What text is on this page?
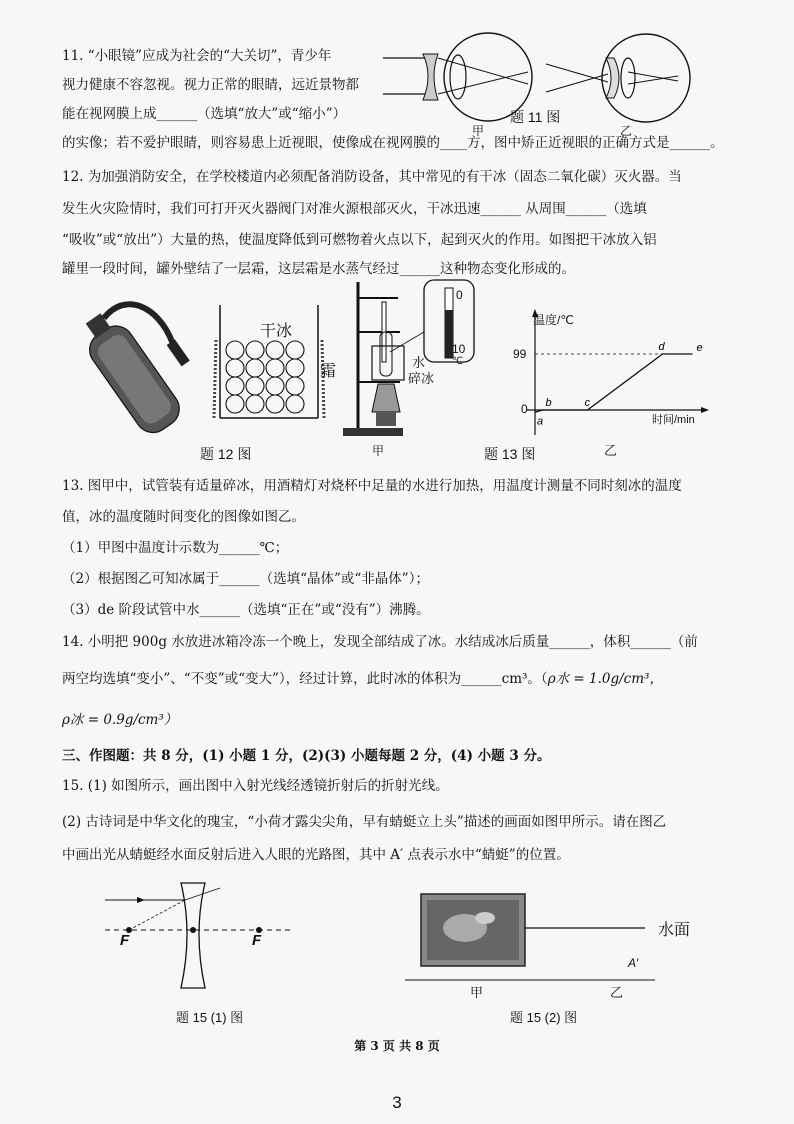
11. “小眼镜”应成为社会的“大关切”，青少年
视力健康不容忽视。视力正常的眼睛，远近景物都
能在视网膜上成______（选填“放大”或“缩小”）
的实像；若不爱护眼睛，则容易患上近视眼，使像成在视网膜的____方，图中矫正近视眼的正确方式是______。
题 11 图
甲	乙
12. 为加强消防安全，在学校楼道内必须配备消防设备，其中常见的有干冰（固态二氧化碳）灭火器。当
发生火灾险情时，我们可打开灭火器阀门对准火源根部灭火，干冰迅速______ 从周围______（选填
“吸收”或“放出”）大量的热，使温度降低到可燃物着火点以下，起到灭火的作用。如图把干冰放入铝
罐里一段时间，罐外壁结了一层霜，这层霜是水蒸气经过______这种物态变化形成的。
干冰
霜
题 12 图
0
10
℃
水
碎冰
甲
a
b	c
d	e
温度/℃
时间/min
99
0
题 13 图	乙
13. 图甲中，试管装有适量碎冰，用酒精灯对烧杯中足量的水进行加热，用温度计测量不同时刻冰的温度
值，冰的温度随时间变化的图像如图乙。
（1）甲图中温度计示数为______℃；
（2）根据图乙可知冰属于______（选填“晶体”或“非晶体”）；
（3）de 阶段试管中水______（选填“正在”或“没有”）沸腾。
14. 小明把 900g 水放进冰箱冷冻一个晚上，发现全部结成了冰。水结成冰后质量______，体积______（前
两空均选填“变小”、“不变”或“变大”），经过计算，此时冰的体积为______cm³。（ρ水 = 1.0g/cm³，
ρ冰 = 0.9g/cm³）
三、作图题：共 8 分，(1) 小题 1 分，(2)(3) 小题每题 2 分，(4) 小题 3 分。
15. (1) 如图所示，画出图中入射光线经透镜折射后的折射光线。
(2) 古诗词是中华文化的瑰宝，“小荷才露尖尖角，早有蜻蜓立上头”描述的画面如图甲所示。请在图乙
中画出光从蜻蜓经水面反射后进入人眼的光路图，其中 A′ 点表示水中“蜻蜓”的位置。
F	F
题 15 (1) 图
水面
A′
甲	乙
题 15 (2) 图
第 3 页 共 8 页
3
